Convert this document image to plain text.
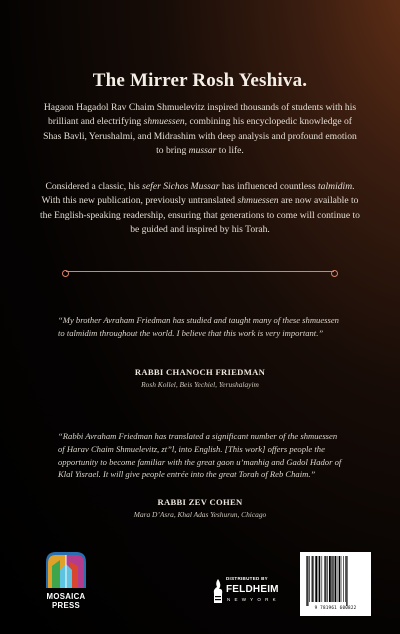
The Mirrer Rosh Yeshiva.
Hagaon Hagadol Rav Chaim Shmuelevitz inspired thousands of students with his brilliant and electrifying shmuessen, combining his encyclopedic knowledge of Shas Bavli, Yerushalmi, and Midrashim with deep analysis and profound emotion to bring mussar to life.
Considered a classic, his sefer Sichos Mussar has influenced countless talmidim. With this new publication, previously untranslated shmuessen are now available to the English-speaking readership, ensuring that generations to come will continue to be guided and inspired by his Torah.
“My brother Avraham Friedman has studied and taught many of these shmuessen to talmidim throughout the world. I believe that this work is very important.”
RABBI CHANOCH FRIEDMAN
Rosh Kollel, Beis Yechiel, Yerushalayim
“Rabbi Avraham Friedman has translated a significant number of the shmuessen of Harav Chaim Shmuelevitz, zt”l, into English. [This work] offers people the opportunity to become familiar with the great gaon u’manhig and Gadol Hador of Klal Yisrael. It will give people entrée into the great Torah of Reb Chaim.”
RABBI ZEV COHEN
Mara D’Asra, Khal Adas Yeshurun, Chicago
MOSAICA
PRESS
DISTRIBUTED BY
FELDHEIM
N E W Y O R K
9 781961 600822
